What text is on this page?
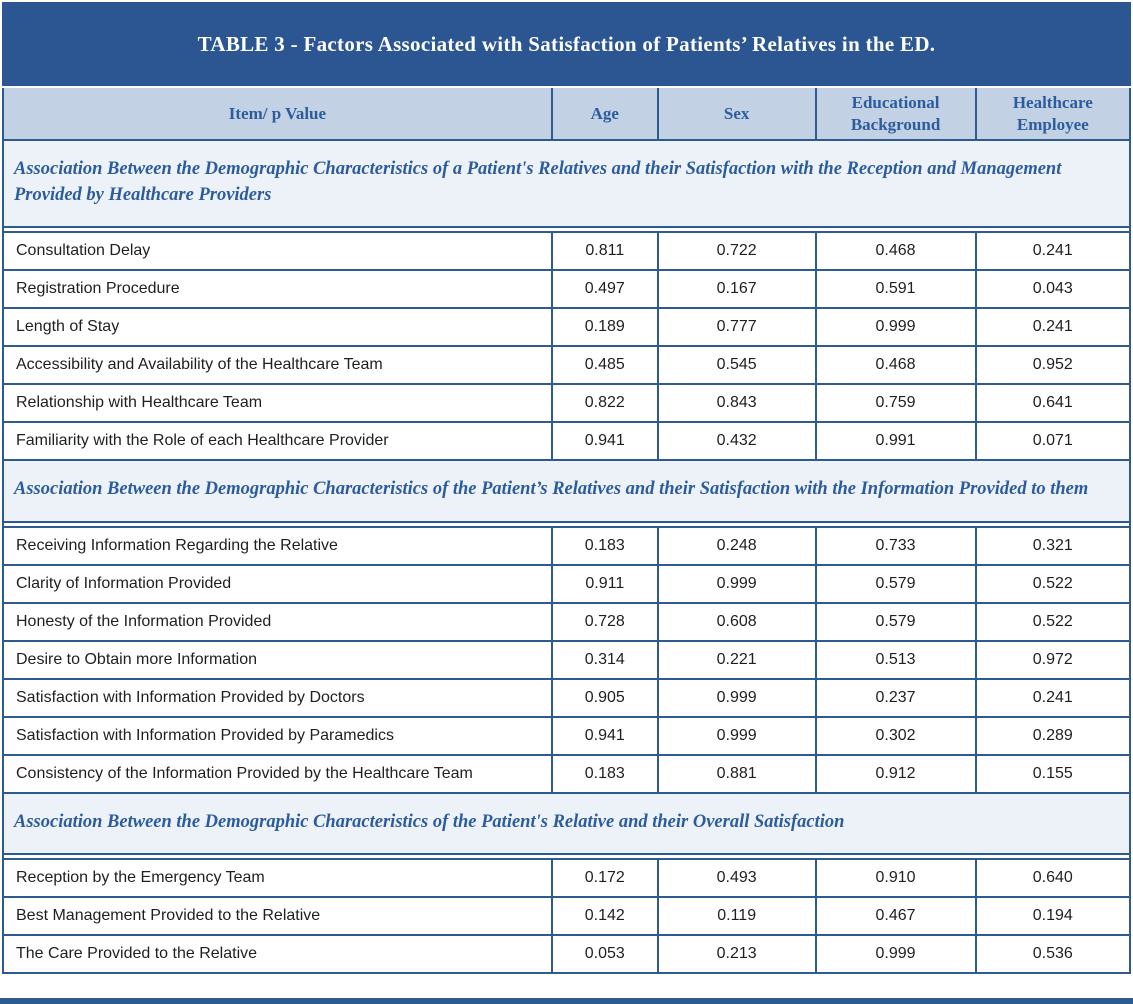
TABLE 3 - Factors Associated with Satisfaction of Patients’ Relatives in the ED.
Item/ p Value	Age	Sex	Educational Background	Healthcare Employee
Association Between the Demographic Characteristics of a Patient's Relatives and their Satisfaction with the Reception and Management Provided by Healthcare Providers				

Consultation Delay	0.811	0.722	0.468	0.241
Registration Procedure	0.497	0.167	0.591	0.043
Length of Stay	0.189	0.777	0.999	0.241
Accessibility and Availability of the Healthcare Team	0.485	0.545	0.468	0.952
Relationship with Healthcare Team	0.822	0.843	0.759	0.641
Familiarity with the Role of each Healthcare Provider	0.941	0.432	0.991	0.071
Association Between the Demographic Characteristics of the Patient’s Relatives and their Satisfaction with the Information Provided to them				

Receiving Information Regarding the Relative	0.183	0.248	0.733	0.321
Clarity of Information Provided	0.911	0.999	0.579	0.522
Honesty of the Information Provided	0.728	0.608	0.579	0.522
Desire to Obtain more Information	0.314	0.221	0.513	0.972
Satisfaction with Information Provided by Doctors	0.905	0.999	0.237	0.241
Satisfaction with Information Provided by Paramedics	0.941	0.999	0.302	0.289
Consistency of the Information Provided by the Healthcare Team	0.183	0.881	0.912	0.155
Association Between the Demographic Characteristics of the Patient's Relative and their Overall Satisfaction				

Reception by the Emergency Team	0.172	0.493	0.910	0.640
Best Management Provided to the Relative	0.142	0.119	0.467	0.194
The Care Provided to the Relative	0.053	0.213	0.999	0.536
